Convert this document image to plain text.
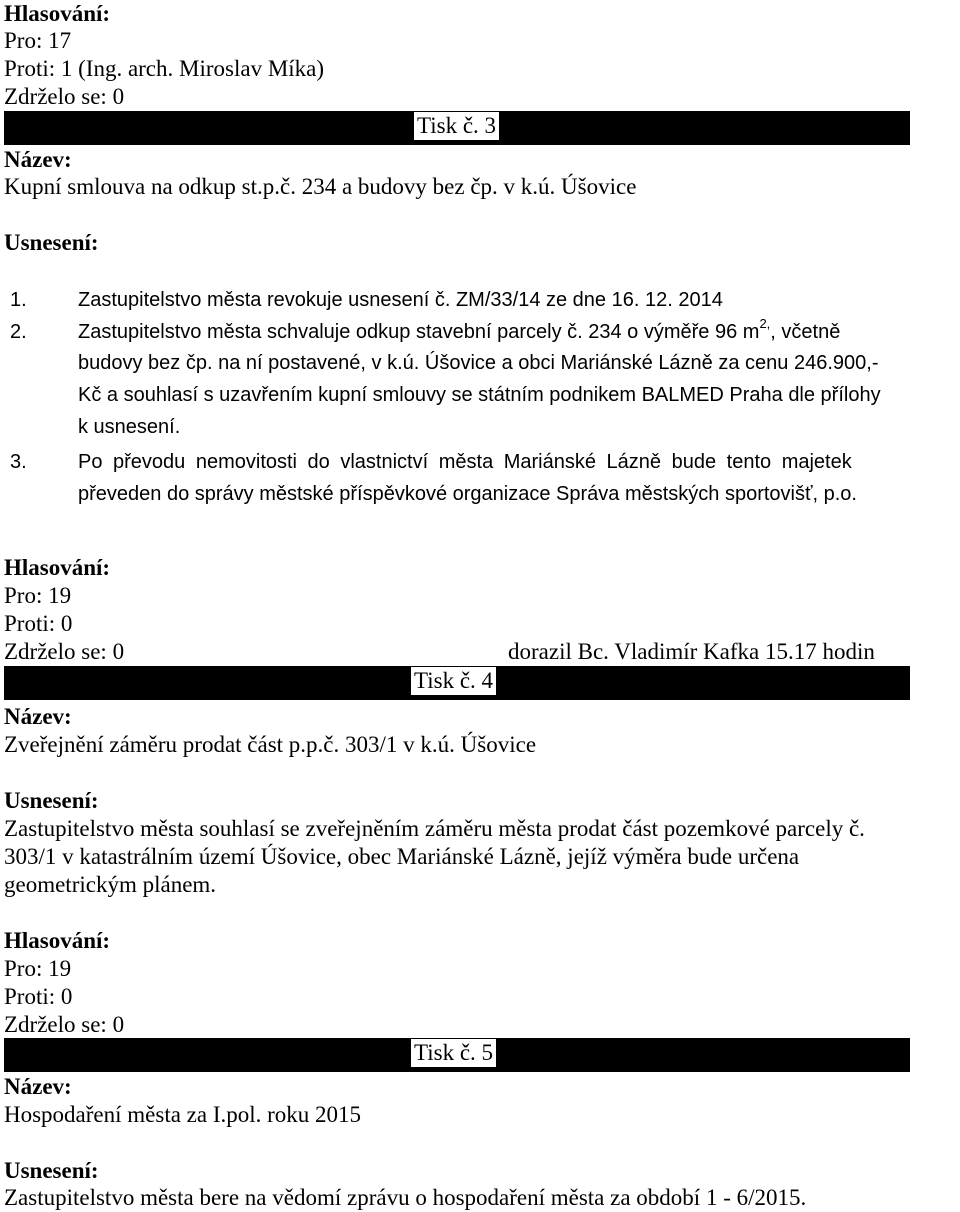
Hlasování:
Pro: 17
Proti: 1 (Ing. arch. Miroslav Míka)
Zdrželo se: 0
Tisk č. 3
Název:
Kupní smlouva na odkup st.p.č. 234 a budovy bez čp. v k.ú. Úšovice
Usnesení:
1.	Zastupitelstvo města revokuje usnesení č. ZM/33/14 ze dne 16. 12. 2014
2.	Zastupitelstvo města schvaluje odkup stavební parcely č. 234 o výměře 96 $m^{2,}$, včetně
budovy bez čp. na ní postavené, v k.ú. Úšovice a obci Mariánské Lázně za cenu 246.900,-
Kč a souhlasí s uzavřením kupní smlouvy se státním podnikem BALMED Praha dle přílohy
k usnesení.
3.	Po převodu nemovitosti do vlastnictví města Mariánské Lázně bude tento majetek
převeden do správy městské příspěvkové organizace Správa městských sportovišť, p.o.
Hlasování:
Pro: 19
Proti: 0
Zdrželo se: 0	dorazil Bc. Vladimír Kafka 15.17 hodin
Tisk č. 4
Název:
Zveřejnění záměru prodat část p.p.č. 303/1 v k.ú. Úšovice
Usnesení:
Zastupitelstvo města souhlasí se zveřejněním záměru města prodat část pozemkové parcely č.
303/1 v katastrálním území Úšovice, obec Mariánské Lázně, jejíž výměra bude určena
geometrickým plánem.
Hlasování:
Pro: 19
Proti: 0
Zdrželo se: 0
Tisk č. 5
Název:
Hospodaření města za I.pol. roku 2015
Usnesení:
Zastupitelstvo města bere na vědomí zprávu o hospodaření města za období 1 - 6/2015.
